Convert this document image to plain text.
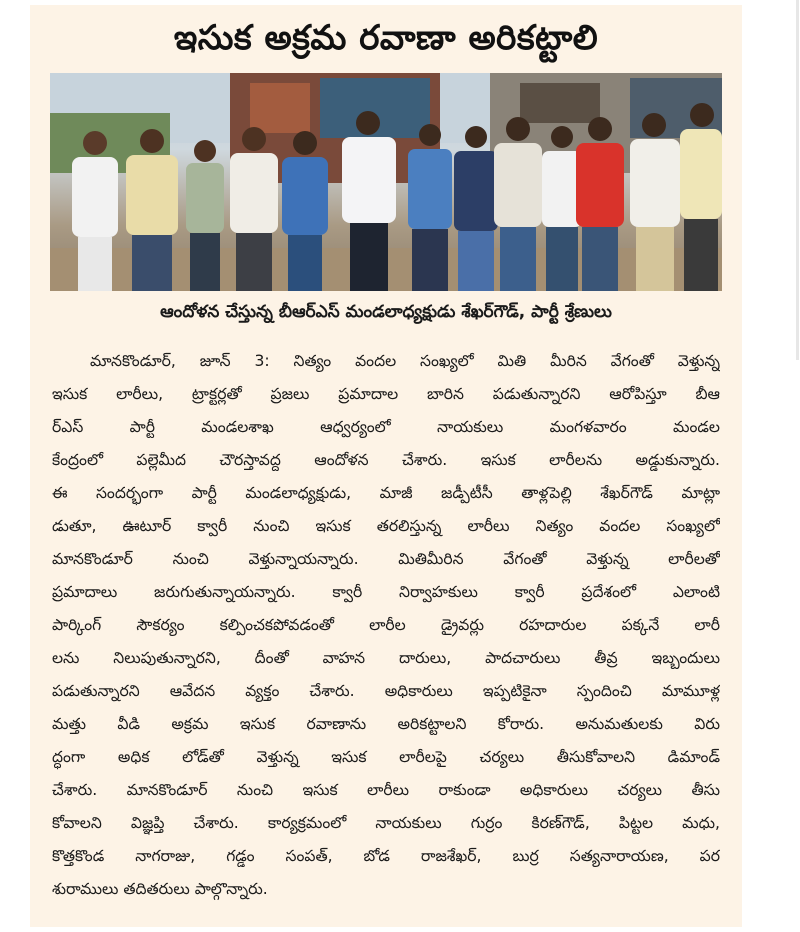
ఇసుక అక్రమ రవాణా అరికట్టాలి
ఆందోళన చేస్తున్న బీఆర్ఎస్ మండలాధ్యక్షుడు శేఖర్‌గౌడ్, పార్టీ శ్రేణులు
మానకొండూర్, జూన్ 3: నిత్యం వందల సంఖ్యలో మితి మీరిన వేగంతో వెళ్తున్న
ఇసుక లారీలు, ట్రాక్టర్లతో ప్రజలు ప్రమాదాల బారిన పడుతున్నారని ఆరోపిస్తూ బీఆ
ర్ఎస్ పార్టీ మండలశాఖ ఆధ్వర్యంలో నాయకులు మంగళవారం మండల
కేంద్రంలో పల్లెమీద చౌరస్తావద్ద ఆందోళన చేశారు. ఇసుక లారీలను అడ్డుకున్నారు.
ఈ సందర్భంగా పార్టీ మండలాధ్యక్షుడు, మాజీ జడ్పీటీసీ తాళ్లపెల్లి శేఖర్‌గౌడ్ మాట్లా
డుతూ, ఊటూర్ క్వారీ నుంచి ఇసుక తరలిస్తున్న లారీలు నిత్యం వందల సంఖ్యలో
మానకొండూర్ నుంచి వెళ్తున్నాయన్నారు. మితిమీరిన వేగంతో వెళ్తున్న లారీలతో
ప్రమాదాలు జరుగుతున్నాయన్నారు. క్వారీ నిర్వాహకులు క్వారీ ప్రదేశంలో ఎలాంటి
పార్కింగ్ సౌకర్యం కల్పించకపోవడంతో లారీల డ్రైవర్లు రహదారుల పక్కనే లారీ
లను నిలుపుతున్నారని, దీంతో వాహన దారులు, పాదచారులు తీవ్ర ఇబ్బందులు
పడుతున్నారని ఆవేదన వ్యక్తం చేశారు. అధికారులు ఇప్పటికైనా స్పందించి మామూళ్ల
మత్తు వీడి అక్రమ ఇసుక రవాణాను అరికట్టాలని కోరారు. అనుమతులకు విరు
ద్ధంగా అధిక లోడ్‌తో వెళ్తున్న ఇసుక లారీలపై చర్యలు తీసుకోవాలని డిమాండ్
చేశారు. మానకొండూర్ నుంచి ఇసుక లారీలు రాకుండా అధికారులు చర్యలు తీసు
కోవాలని విజ్ఞప్తి చేశారు. కార్యక్రమంలో నాయకులు గుర్రం కిరణ్‌గౌడ్, పిట్టల మధు,
కొత్తకొండ నాగరాజు, గడ్డం సంపత్, బోడ రాజశేఖర్, బుర్ర సత్యనారాయణ, పర
శురాములు తదితరులు పాల్గొన్నారు.
